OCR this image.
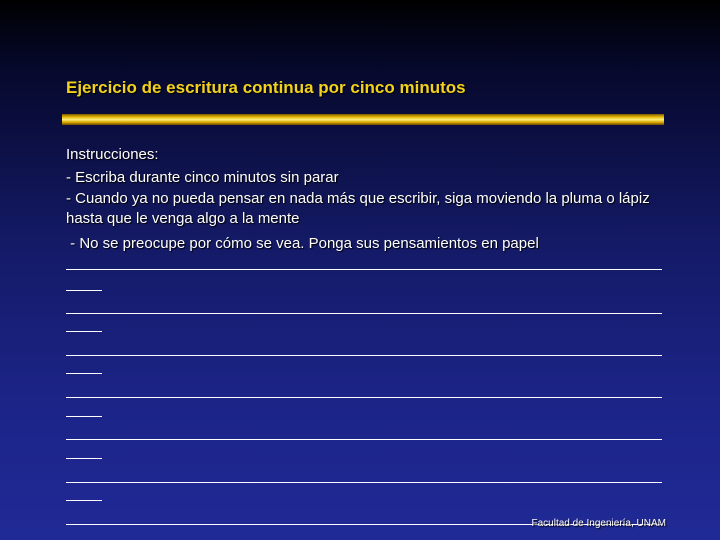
Ejercicio de escritura continua por cinco minutos
Instrucciones:
- Escriba durante cinco minutos sin parar
- Cuando ya no pueda pensar en nada más que escribir, siga moviendo la pluma o lápiz hasta que le venga algo a la mente
- No se preocupe por cómo se vea. Ponga sus pensamientos en papel
Facultad de Ingeniería, UNAM
